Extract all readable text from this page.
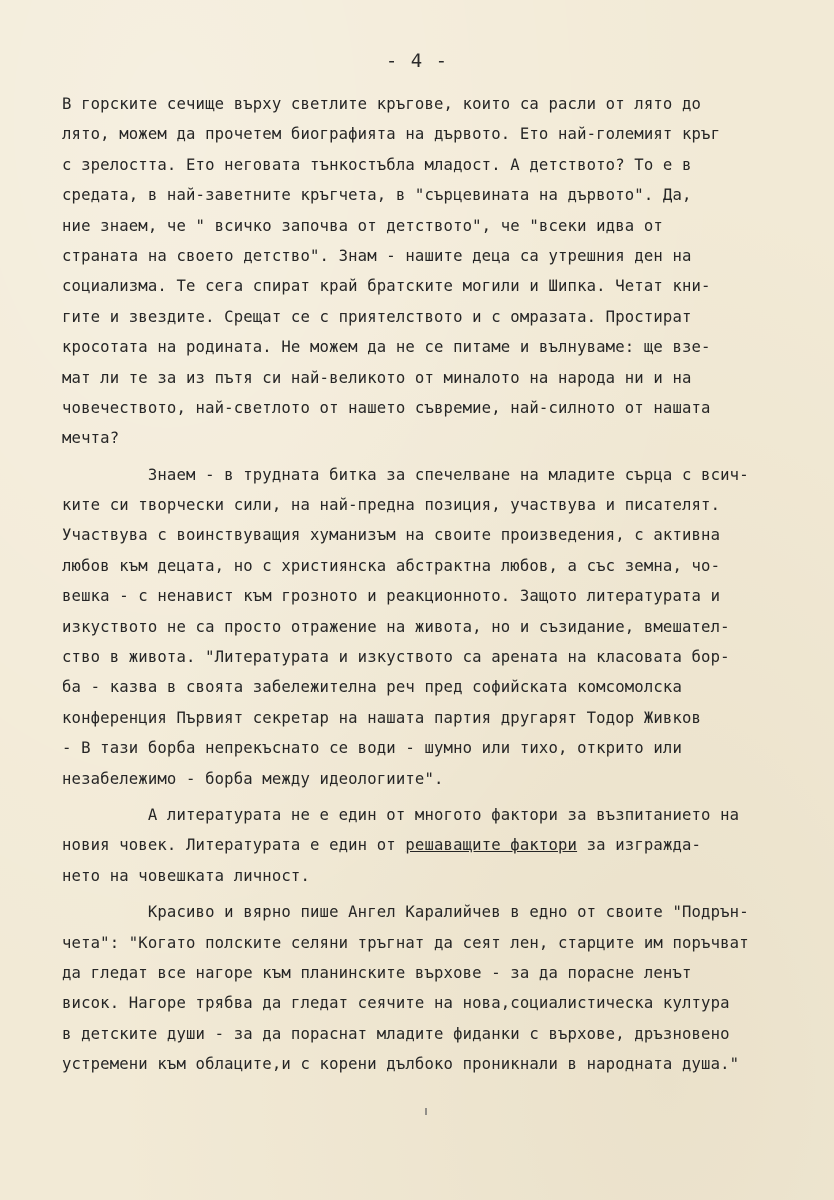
- 4 -
В горските сечище върху светлите кръгове, които са расли от лято до
лято, можем да прочетем биографията на дървото. Ето най-големият кръг
с зрелостта. Ето неговата тънкостъбла младост. А детството? То е в
средата, в най-заветните кръгчета, в "сърцевината на дървото". Да,
ние знаем, че " всичко започва от детството", че "всеки идва от
страната на своето детство". Знам - нашите деца са утрешния ден на
социализма. Те сега спират край братските могили и Шипка. Четат кни-
гите и звездите. Срещат се с приятелството и с омразата. Простират
кросотата на родината. Не можем да не се питаме и вълнуваме: ще взе-
мат ли те за из пътя си най-великото от миналото на народа ни и на
човечеството, най-светлото от нашето съвремие, най-силното от нашата
мечта?
Знаем - в трудната битка за спечелване на младите сърца с всич-
ките си творчески сили, на най-предна позиция, участвува и писателят.
Участвува с воинствуващия хуманизъм на своите произведения, с активна
любов към децата, но с християнска абстрактна любов, а със земна, чо-
вешка - с ненавист към грозното и реакционното. Защото литературата и
изкуството не са просто отражение на живота, но и съзидание, вмешател-
ство в живота. "Литературата и изкуството са арената на класовата бор-
ба - казва в своята забележителна реч пред софийската комсомолска
конференция Първият секретар на нашата партия другарят Тодор Живков
- В тази борба непрекъснато се води - шумно или тихо, открито или
незабележимо - борба между идеологиите".
А литературата не е един от многото фактори за възпитанието на
новия човек. Литературата е един от решаващите фактори за изграждa-
нето на човешката личност.
Красиво и вярно пише Ангел Каралийчев в едно от своите "Подрън-
чета": "Когато полските селяни тръгнат да сеят лен, старците им поръчват
да гледат все нагоре към планинските върхове - за да порасне ленът
висок. Нагоре трябва да гледат сеячите на нова,социалистическа култура
в детските души - за да пораснат младите фиданки с върхове, дръзновено
устремени към облаците,и с корени дълбоко проникнали в народната душа."
